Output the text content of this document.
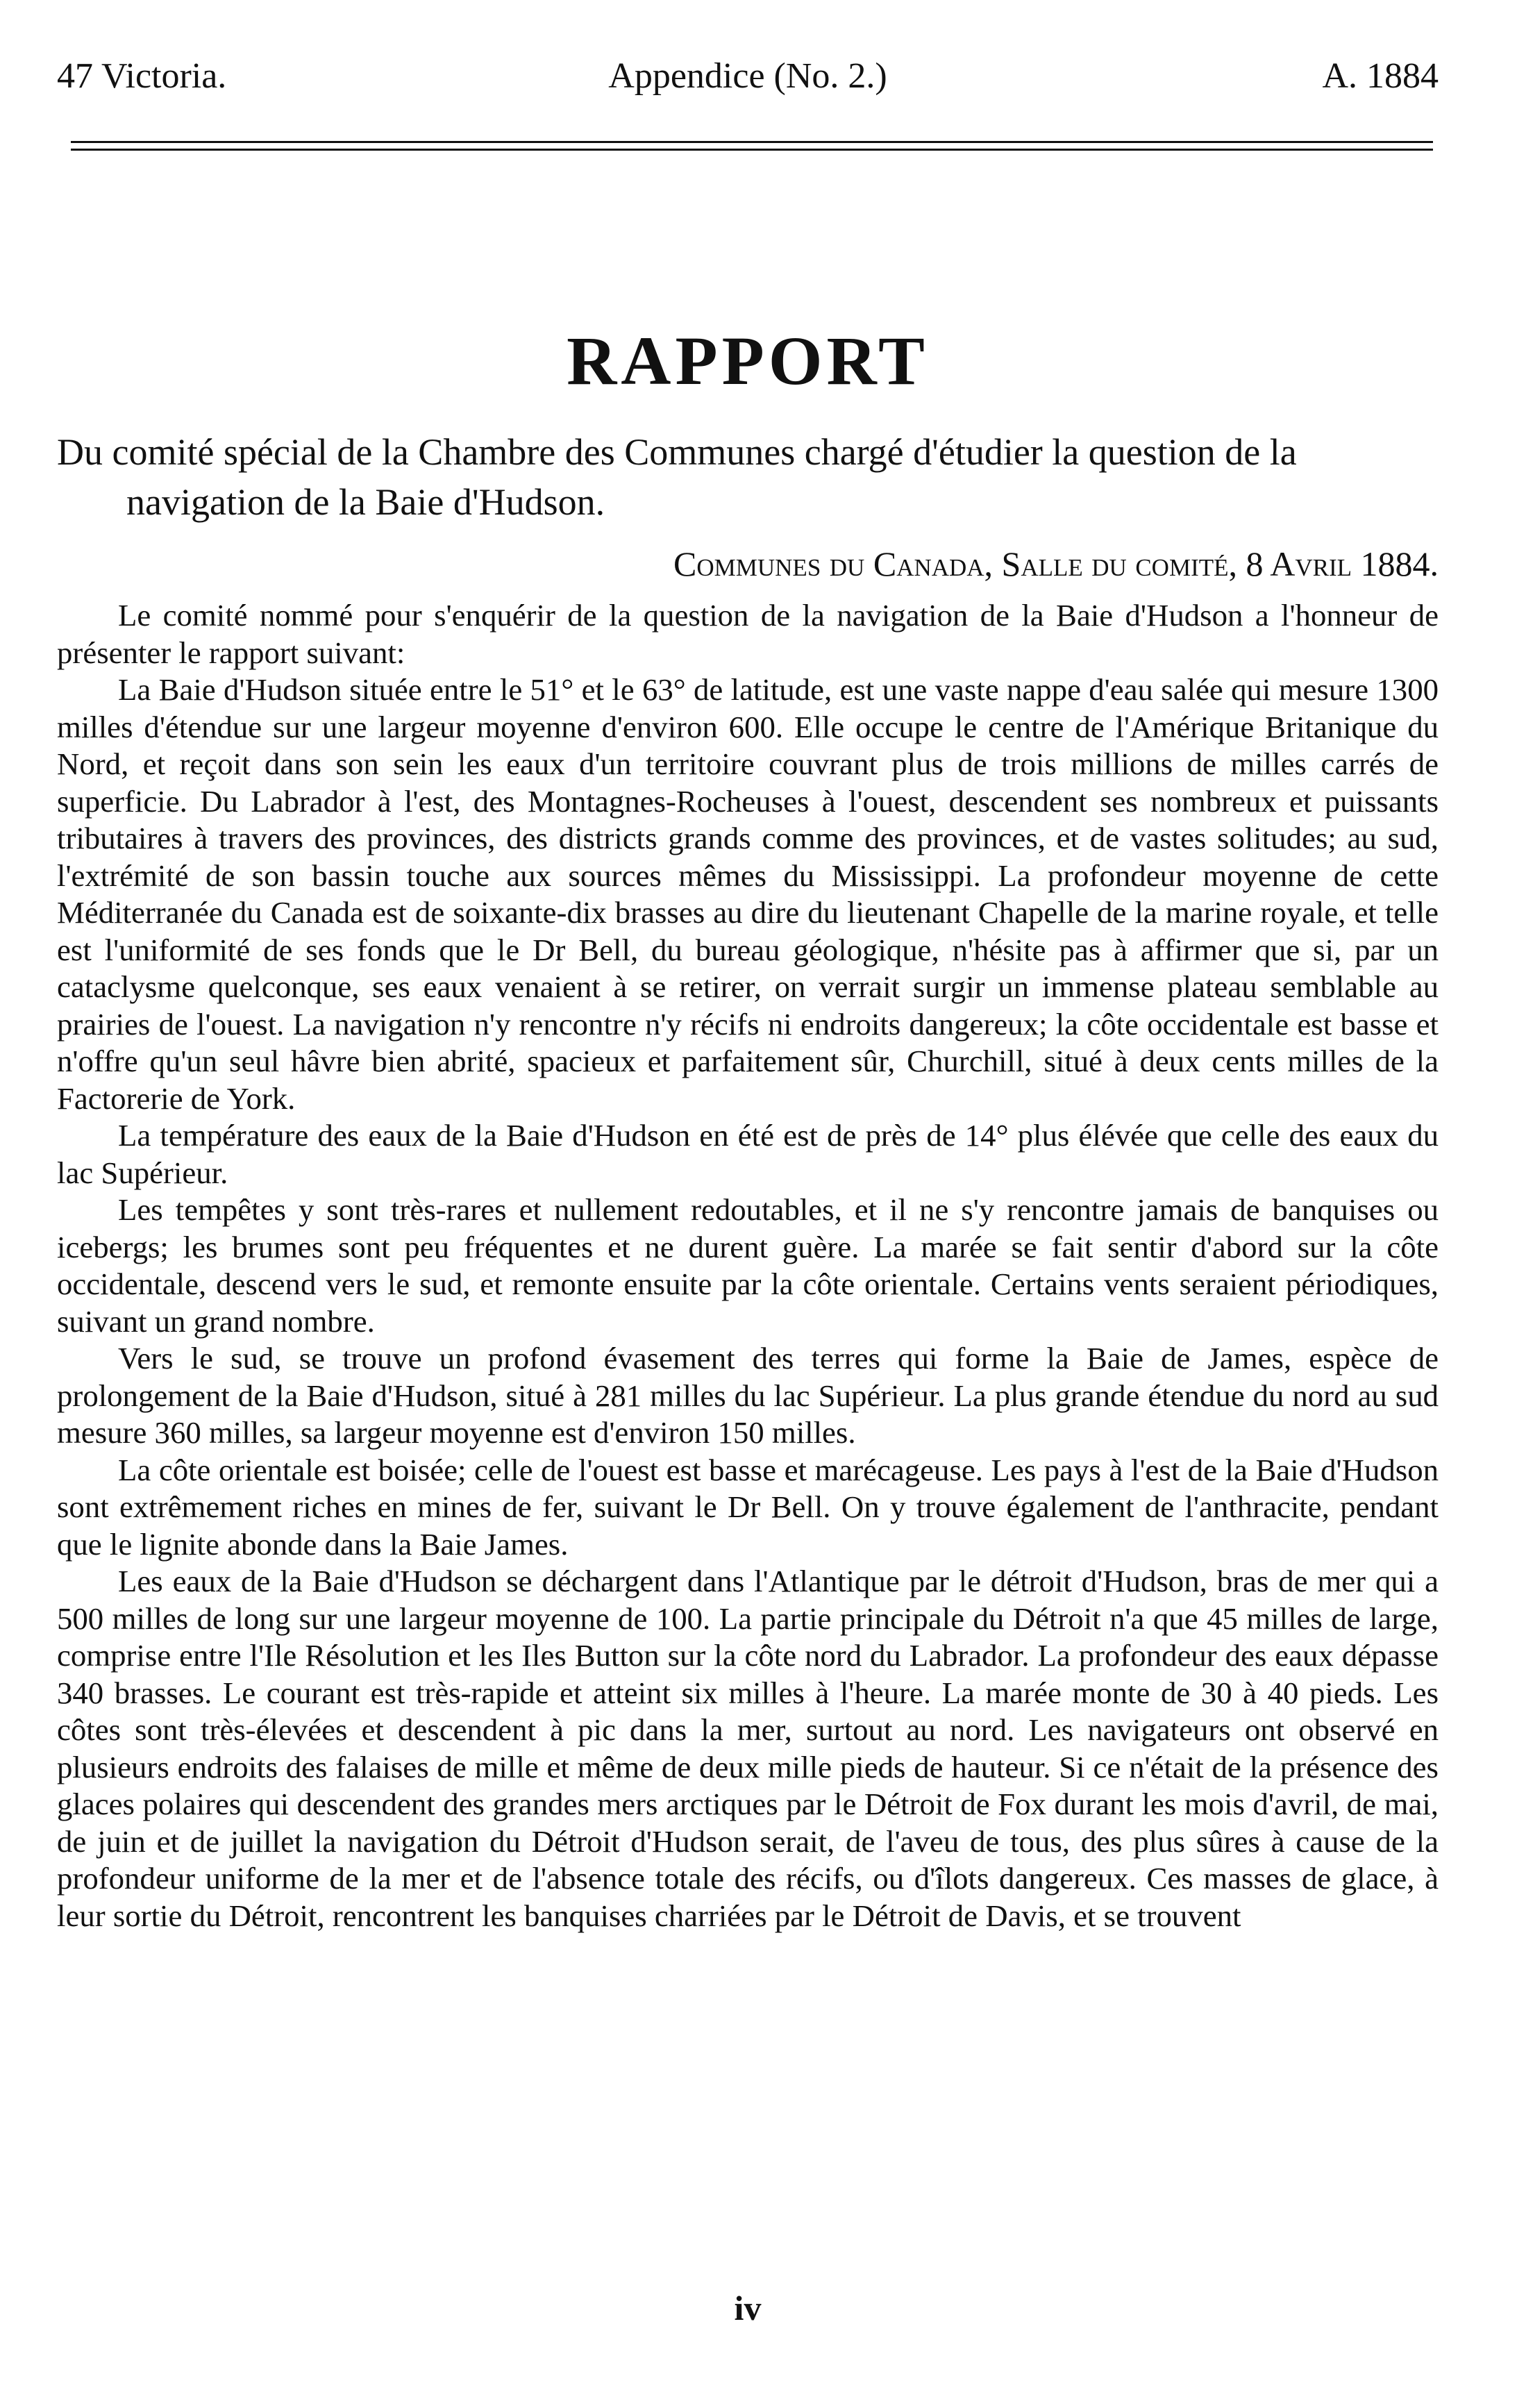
47 Victoria.	Appendice (No. 2.)	A. 1884
RAPPORT
Du comité spécial de la Chambre des Communes chargé d'étudier la question de la navigation de la Baie d'Hudson.
Communes du Canada, Salle du comité, 8 Avril 1884.

Le comité nommé pour s'enquérir de la question de la navigation de la Baie d'Hudson a l'honneur de présenter le rapport suivant:

La Baie d'Hudson située entre le 51° et le 63° de latitude, est une vaste nappe d'eau salée qui mesure 1300 milles d'étendue sur une largeur moyenne d'environ 600. Elle occupe le centre de l'Amérique Britanique du Nord, et reçoit dans son sein les eaux d'un territoire couvrant plus de trois millions de milles carrés de superficie. Du Labrador à l'est, des Montagnes-Rocheuses à l'ouest, descendent ses nombreux et puissants tributaires à travers des provinces, des districts grands comme des provinces, et de vastes solitudes; au sud, l'extrémité de son bassin touche aux sources mêmes du Mississippi. La profondeur moyenne de cette Méditerranée du Canada est de soixante-dix brasses au dire du lieutenant Chapelle de la marine royale, et telle est l'uniformité de ses fonds que le Dr Bell, du bureau géologique, n'hésite pas à affirmer que si, par un cataclysme quelconque, ses eaux venaient à se retirer, on verrait surgir un immense plateau semblable au prairies de l'ouest. La navigation n'y rencontre n'y récifs ni endroits dangereux; la côte occidentale est basse et n'offre qu'un seul hâvre bien abrité, spacieux et parfaitement sûr, Churchill, situé à deux cents milles de la Factorerie de York.

La température des eaux de la Baie d'Hudson en été est de près de 14° plus élévée que celle des eaux du lac Supérieur.

Les tempêtes y sont très-rares et nullement redoutables, et il ne s'y rencontre jamais de banquises ou icebergs; les brumes sont peu fréquentes et ne durent guère. La marée se fait sentir d'abord sur la côte occidentale, descend vers le sud, et remonte ensuite par la côte orientale. Certains vents seraient périodiques, suivant un grand nombre.

Vers le sud, se trouve un profond évasement des terres qui forme la Baie de James, espèce de prolongement de la Baie d'Hudson, situé à 281 milles du lac Supérieur. La plus grande étendue du nord au sud mesure 360 milles, sa largeur moyenne est d'environ 150 milles.

La côte orientale est boisée; celle de l'ouest est basse et marécageuse. Les pays à l'est de la Baie d'Hudson sont extrêmement riches en mines de fer, suivant le Dr Bell. On y trouve également de l'anthracite, pendant que le lignite abonde dans la Baie James.

Les eaux de la Baie d'Hudson se déchargent dans l'Atlantique par le détroit d'Hudson, bras de mer qui a 500 milles de long sur une largeur moyenne de 100. La partie principale du Détroit n'a que 45 milles de large, comprise entre l'Ile Résolution et les Iles Button sur la côte nord du Labrador. La profondeur des eaux dépasse 340 brasses. Le courant est très-rapide et atteint six milles à l'heure. La marée monte de 30 à 40 pieds. Les côtes sont très-élevées et descendent à pic dans la mer, surtout au nord. Les navigateurs ont observé en plusieurs endroits des falaises de mille et même de deux mille pieds de hauteur. Si ce n'était de la présence des glaces polaires qui descendent des grandes mers arctiques par le Détroit de Fox durant les mois d'avril, de mai, de juin et de juillet la navigation du Détroit d'Hudson serait, de l'aveu de tous, des plus sûres à cause de la profondeur uniforme de la mer et de l'absence totale des récifs, ou d'îlots dangereux. Ces masses de glace, à leur sortie du Détroit, rencontrent les banquises charriées par le Détroit de Davis, et se trouvent

iv
